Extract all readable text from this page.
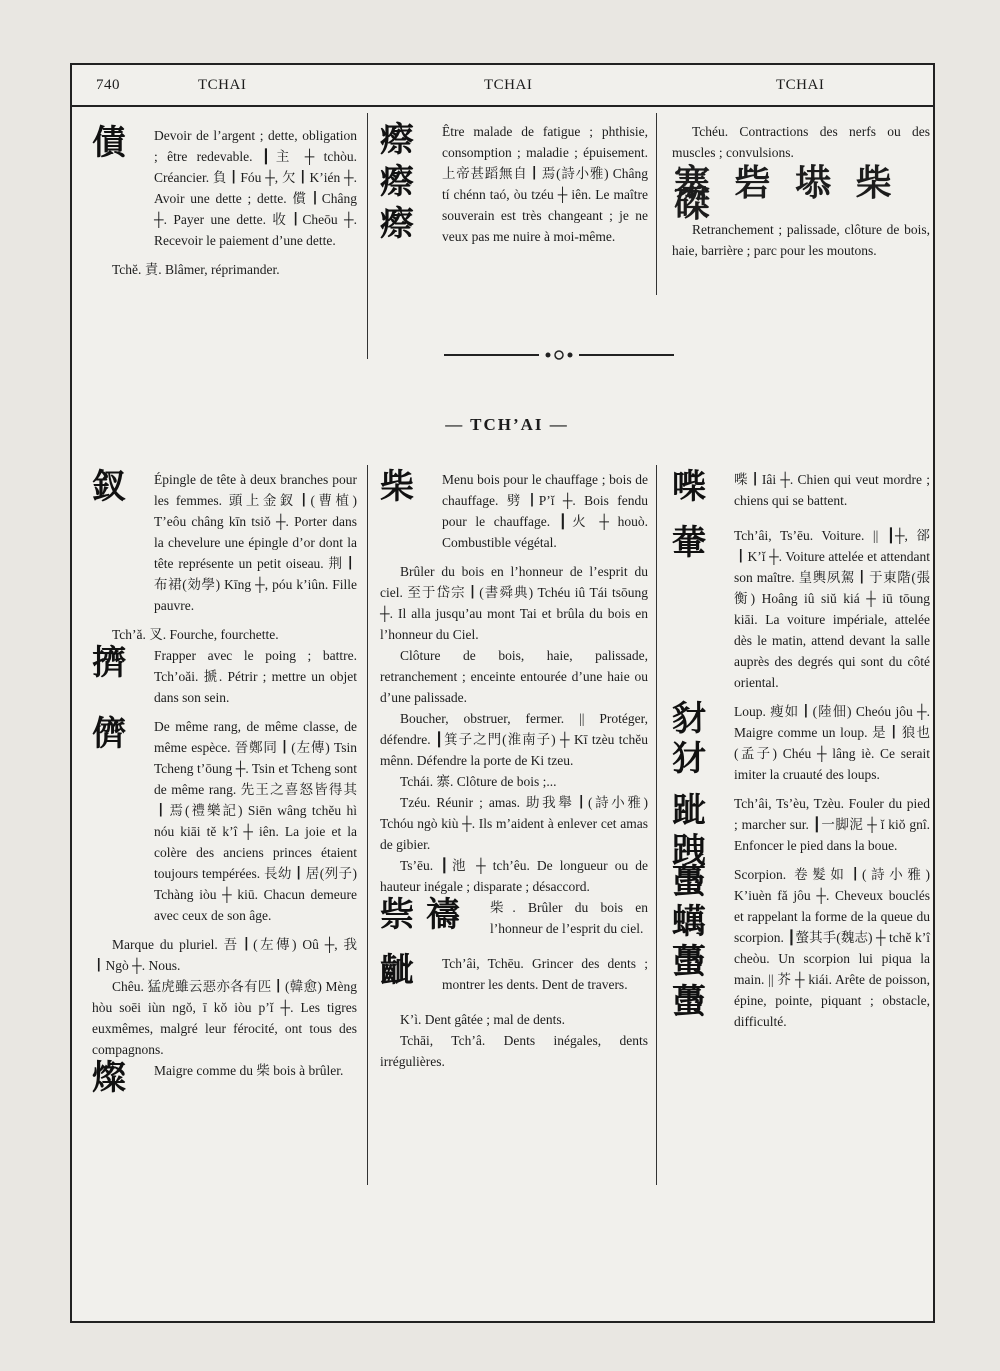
740	TCHAI	TCHAI	TCHAI
債	Devoir de l’argent ; dette, obligation ; être redevable. ┃主 ┼ tchòu. Créancier. 負┃Fóu ┼, 欠┃K’ién ┼. Avoir une dette ; dette. 償┃Châng ┼. Payer une dette. 收┃Cheōu ┼. Recevoir le paiement d’une dette.

Tchĕ. 責. Blâmer, réprimander.

瘵
瘵
瘵

Être malade de fatigue ; phthisie, consomption ; maladie ; épuisement. 上帝甚蹈無自┃焉(詩小雅) Châng tí chénn taó, òu tzéu ┼ iên. Le maître souverain est très changeant ; je ne veux pas me nuire à moi-même.

Tchéu. Contractions des nerfs ou des muscles ; convulsions.

寨 砦 塨 柴 磔

Retranchement ; palissade, clôture de bois, haie, barrière ; parc pour les moutons.

— TCH’AI —
釵	Épingle de tête à deux branches pour les femmes. 頭上金釵┃(曹植) T’eôu châng kīn tsiŏ ┼. Porter dans la chevelure une épingle d’or dont la tête représente un petit oiseau. 荆┃布裙(効學) Kīng ┼, póu k’iûn. Fille pauvre.

Tch’ă. 叉. Fourche, fourchette.

擠	Frapper avec le poing ; battre. Tch’oăi. 搋. Pétrir ; mettre un objet dans son sein.

儕	De même rang, de même classe, de même espèce. 晉鄭同┃(左傳) Tsin Tcheng t’ōung ┼. Tsin et Tcheng sont de même rang. 先王之喜怒皆得其┃焉(禮樂記) Siēn wâng tchĕu hì nóu kiāi tĕ k’î ┼ iên. La joie et la colère des anciens princes étaient toujours tempérées. 長幼┃居(列子) Tchàng iòu ┼ kiū. Chacun demeure avec ceux de son âge.

Marque du pluriel. 吾┃(左傳) Oû ┼, 我┃Ngò ┼. Nous.

Chêu. 猛虎雖云惡亦各有匹┃(韓愈) Mèng hòu soēi iùn ngŏ, ī kŏ iòu p’ĭ ┼. Les tigres euxmêmes, malgré leur férocité, ont tous des compagnons.

燦	Maigre comme du 柴 bois à brûler.

柴	Menu bois pour le chauffage ; bois de chauffage. 劈┃P’ĭ ┼. Bois fendu pour le chauffage. ┃火 ┼ houò. Combustible végétal.

Brûler du bois en l’honneur de l’esprit du ciel. 至于岱宗┃(書舜典) Tchéu iû Tái tsōung ┼. Il alla jusqu’au mont Tai et brûla du bois en l’honneur du Ciel.

Clôture de bois, haie, palissade, retranchement ; enceinte entourée d’une haie ou d’une palissade.

Boucher, obstruer, fermer. || Protéger, défendre. ┃箕子之門(淮南子) ┼ Kī tzèu tchĕu mênn. Défendre la porte de Ki tzeu.

Tchái. 寨. Clôture de bois ;...

Tzéu. Réunir ; amas. 助我舉┃(詩小雅) Tchóu ngò kiù ┼. Ils m’aident à enlever cet amas de gibier.

Ts’ēu. ┃池 ┼ tch’êu. De longueur ou de hauteur inégale ; disparate ; désaccord.

祡 禱	柴. Brûler du bois en l’honneur de l’esprit du ciel.

齜	Tch’âi, Tchēu. Grincer des dents ; montrer les dents. Dent de travers.

K’ì. Dent gâtée ; mal de dents.

Tchāi, Tch’â. Dents inégales, dents irrégulières.

喍	喍┃Iâi ┼. Chien qui veut mordre ; chiens qui se battent.

輂	Tch’âi, Ts’ēu. Voiture. || ┃┼, 郤┃K’ĭ ┼. Voiture attelée et attendant son maître. 皇輿夙駕┃于東階(張衡) Hoâng iû siŭ kiá ┼ iū tōung kiāi. La voiture impériale, attelée dès le matin, attend devant la salle auprès des degrés qui sont du côté oriental.

豺 犲

Loup. 瘦如┃(陸佃) Cheóu jôu ┼. Maigre comme un loup. 是┃狼也(孟子) Chéu ┼ lâng iè. Ce serait imiter la cruauté des loups.

跐 跩

Tch’âi, Ts’èu, Tzèu. Fouler du pied ; marcher sur. ┃一脚泥 ┼ ĭ kiŏ gnî. Enfoncer le pied dans la boue.

蠆 蠇 蠆 蠆

Scorpion. 卷髮如┃(詩小雅) K’iuèn fă jôu ┼. Cheveux bouclés et rappelant la forme de la queue du scorpion. ┃螫其手(魏志) ┼ tchĕ k’î cheòu. Un scorpion lui piqua la main. || 芥 ┼ kiái. Arête de poisson, épine, pointe, piquant ; obstacle, difficulté.
